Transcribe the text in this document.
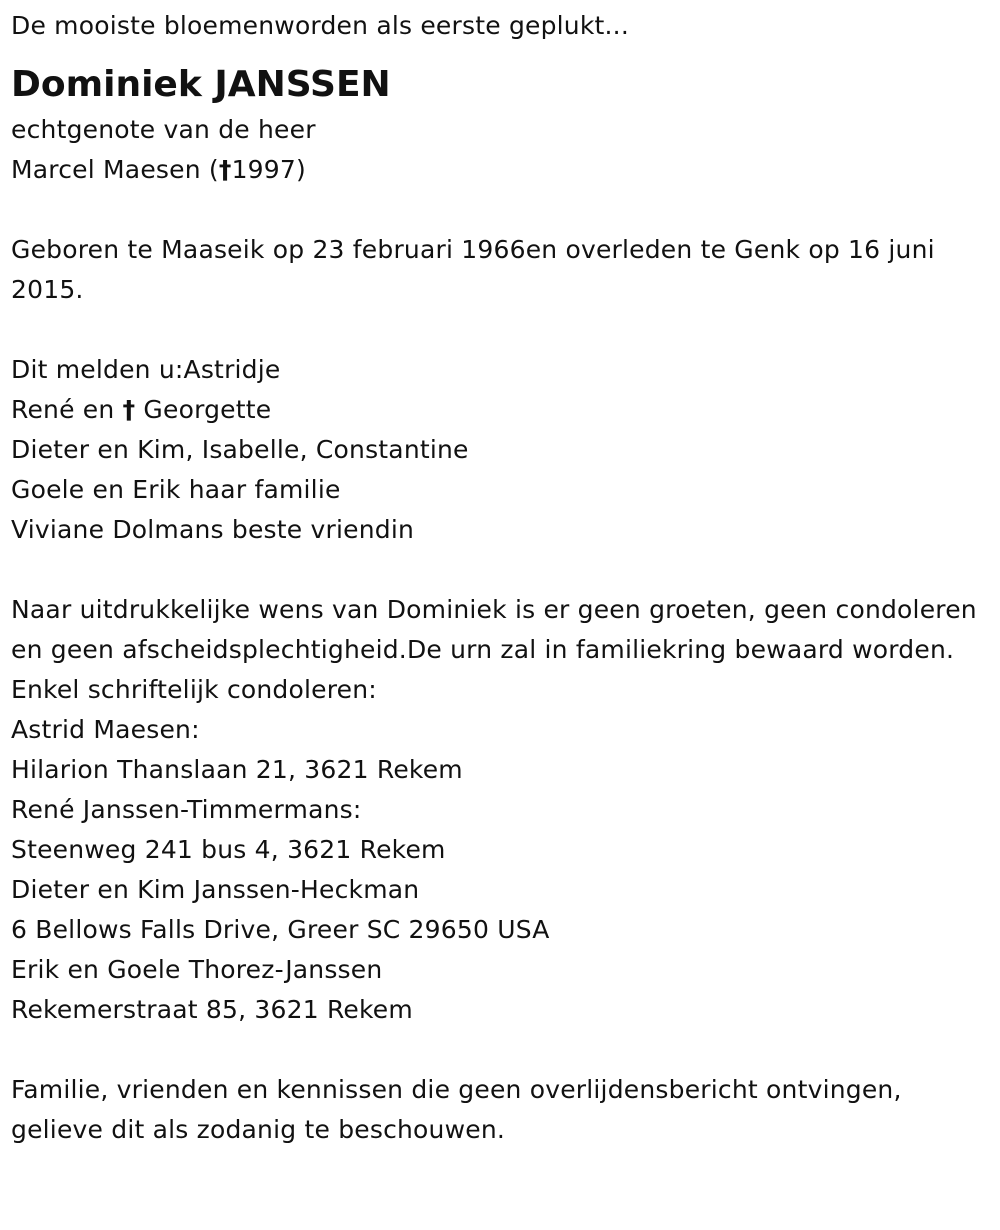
De mooiste bloemenworden als eerste geplukt...
Dominiek JANSSEN
echtgenote van de heer
Marcel Maesen (†1997)
Geboren te Maaseik op 23 februari 1966en overleden te Genk op 16 juni 2015.
Dit melden u:Astridje
René en † Georgette
Dieter en Kim, Isabelle, Constantine
Goele en Erik haar familie
Viviane Dolmans beste vriendin
Naar uitdrukkelijke wens van Dominiek is er geen groeten, geen condoleren en geen afscheidsplechtigheid.De urn zal in familiekring bewaard worden.
Enkel schriftelijk condoleren:
Astrid Maesen:
Hilarion Thanslaan 21, 3621 Rekem
René Janssen-Timmermans:
Steenweg 241 bus 4, 3621 Rekem
Dieter en Kim Janssen-Heckman
6 Bellows Falls Drive, Greer SC 29650 USA
Erik en Goele Thorez-Janssen
Rekemerstraat 85, 3621 Rekem
Familie, vrienden en kennissen die geen overlijdensbericht ontvingen, gelieve dit als zodanig te beschouwen.
